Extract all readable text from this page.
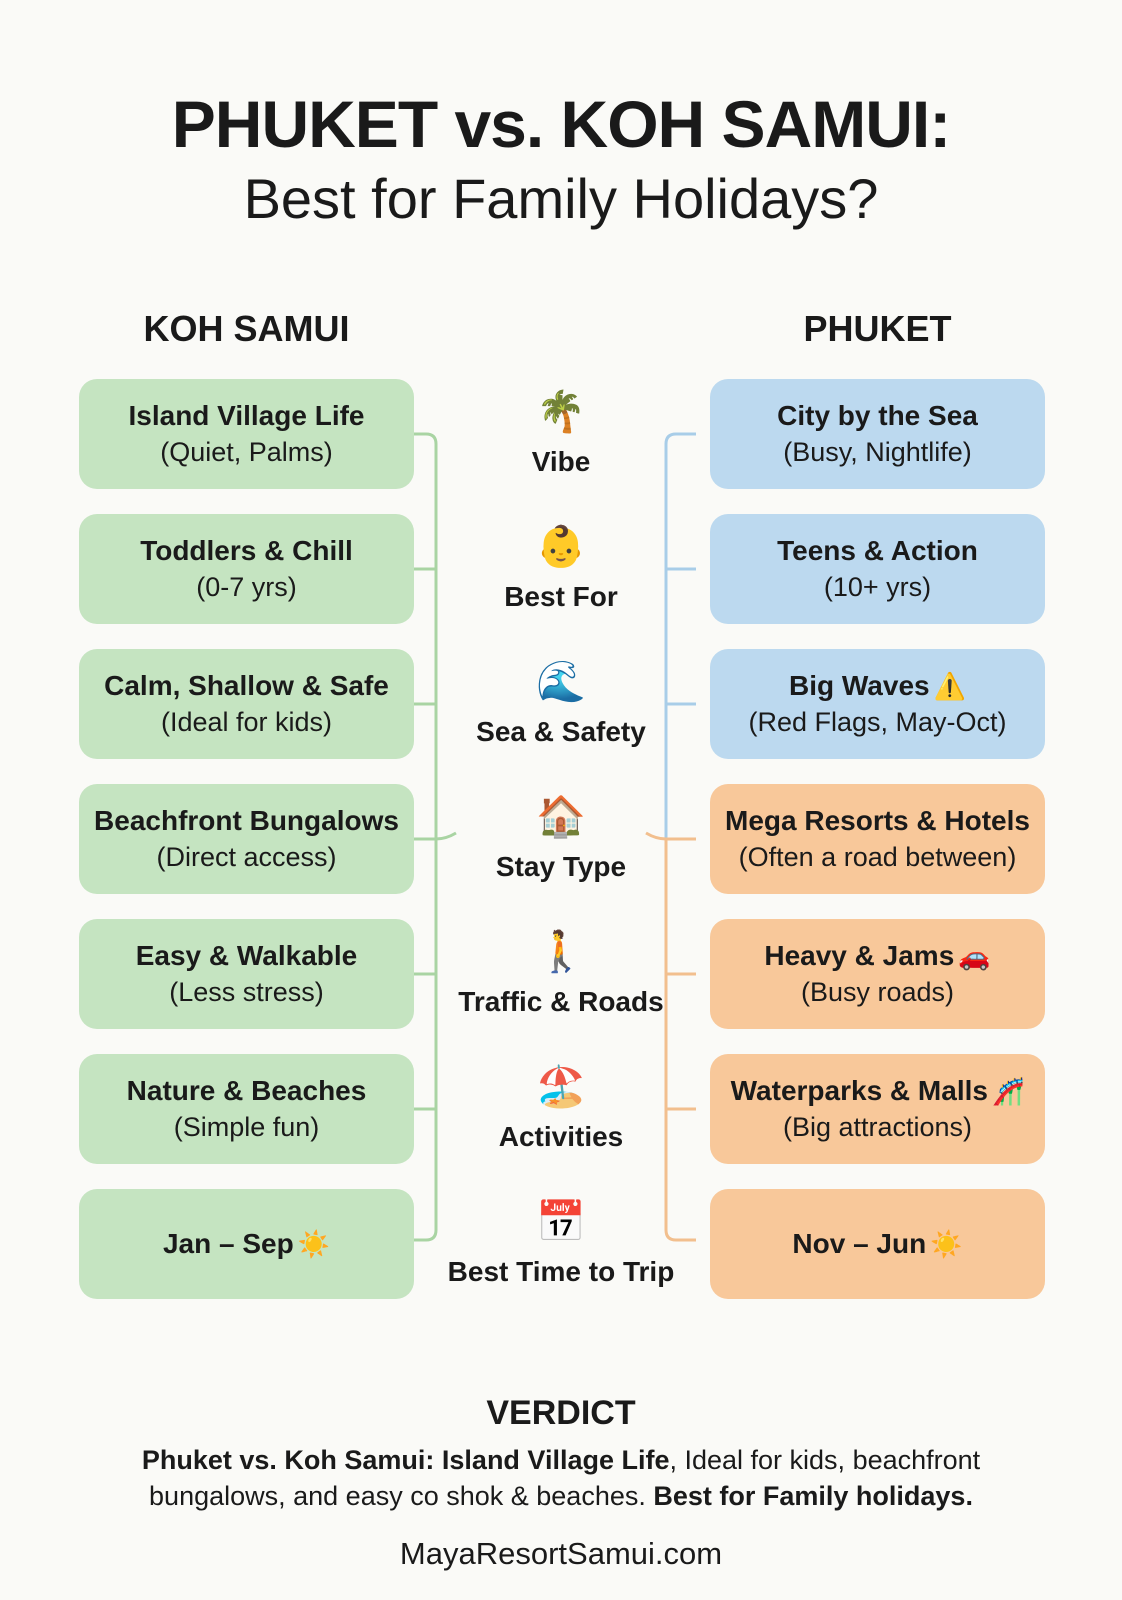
PHUKET vs. KOH SAMUI:
Best for Family Holidays?
KOH SAMUI	PHUKET
Island Village Life
(Quiet, Palms)
🌴
Vibe
City by the Sea
(Busy, Nightlife)
Toddlers & Chill
(0-7 yrs)
👶
Best For
Teens & Action
(10+ yrs)
Calm, Shallow & Safe
(Ideal for kids)
🌊
Sea & Safety
Big Waves ⚠️
(Red Flags, May-Oct)
Beachfront Bungalows
(Direct access)
🏠
Stay Type
Mega Resorts & Hotels
(Often a road between)
Easy & Walkable
(Less stress)
🚶
Traffic & Roads
Heavy & Jams 🚗
(Busy roads)
Nature & Beaches
(Simple fun)
🏖️
Activities
Waterparks & Malls 🎢
(Big attractions)
Jan – Sep ☀️	📅
Best Time to Trip
Nov – Jun ☀️
VERDICT

Phuket vs. Koh Samui: Island Village Life, Ideal for kids, beachfront bungalows, and easy co shok & beaches. Best for Family holidays.

MayaResortSamui.com
